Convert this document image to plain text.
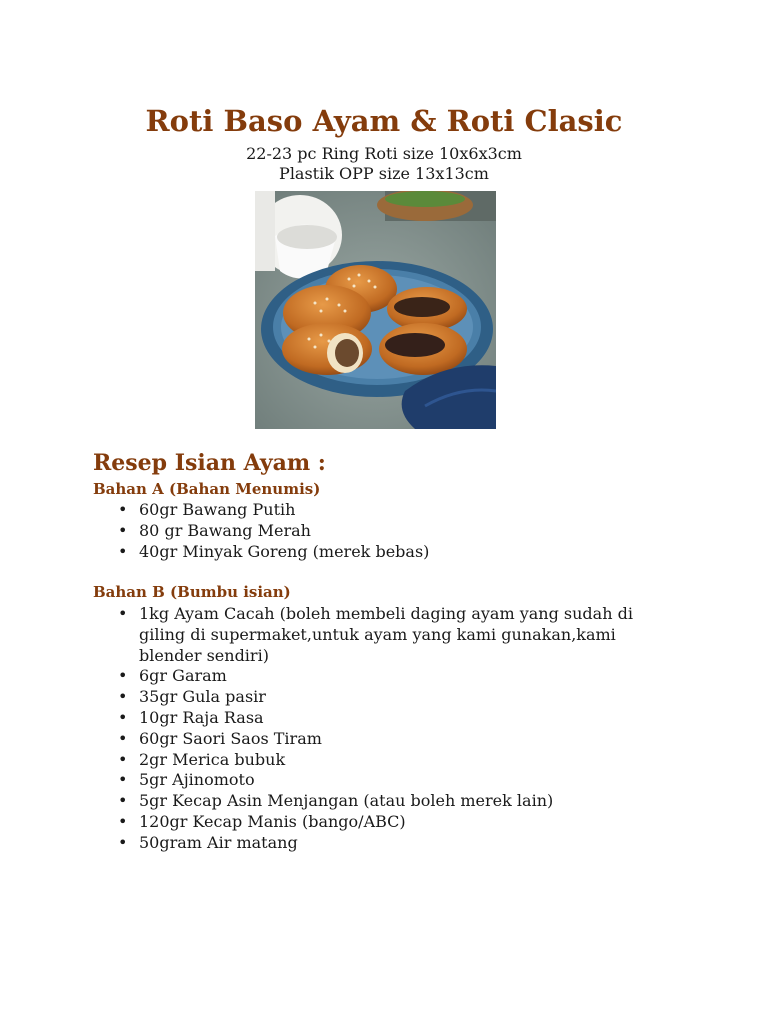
Roti Baso Ayam & Roti Clasic
22-23 pc Ring Roti size 10x6x3cm
Plastik OPP size 13x13cm
Resep Isian Ayam :
Bahan A (Bahan Menumis)
• 60gr Bawang Putih
• 80 gr Bawang Merah
• 40gr Minyak Goreng (merek bebas)
Bahan B (Bumbu isian)
• 1kg Ayam Cacah (boleh membeli daging ayam yang sudah di giling di supermaket,untuk ayam yang kami gunakan,kami blender sendiri)
• 6gr Garam
• 35gr Gula pasir
• 10gr Raja Rasa
• 60gr Saori Saos Tiram
• 2gr Merica bubuk
• 5gr Ajinomoto
• 5gr Kecap Asin Menjangan (atau boleh merek lain)
• 120gr Kecap Manis (bango/ABC)
• 50gram Air matang
